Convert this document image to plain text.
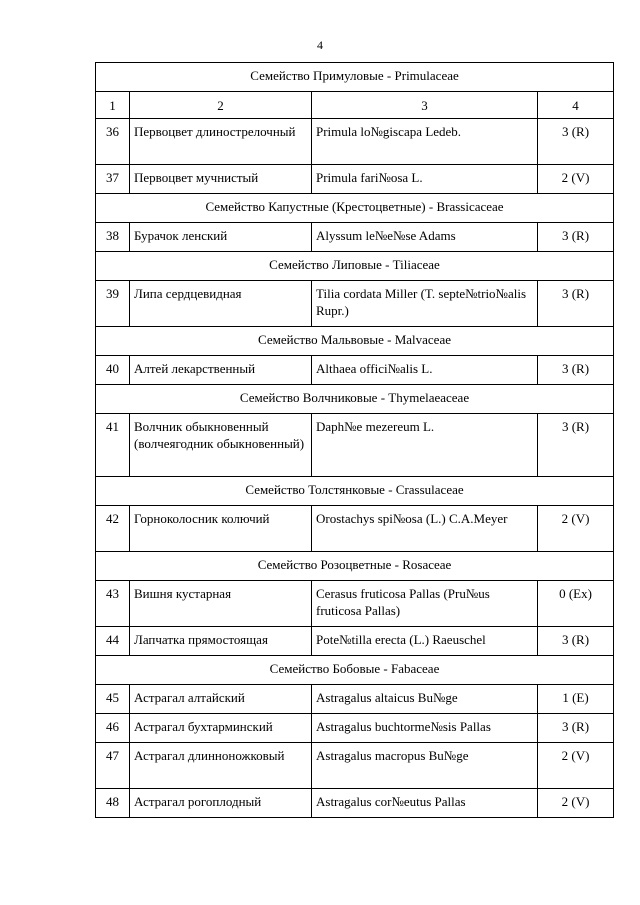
4
Семейство Примуловые - Primulaceae			
1	2	3	4
36	Первоцвет длинострелочный	Primula lo№gisсара Ledeb.	3 (R)
37	Первоцвет мучнистый	Primula fari№osa L.	2 (V)
Семейство Капустные (Крестоцветные) - Brassicaceae			
38	Бурачок ленский	Alyssum le№e№se Adams	3 (R)
Семейство Липовые - Tiliaceae			
39	Липа сердцевидная	Tilia cordata Miller (T. septe№trio№alis Rupr.)	3 (R)
Семейство Мальвовые - Malvaceae			
40	Алтей лекарственный	Althaea offici№alis L.	3 (R)
Семейство Волчниковые - Thymelaeaceae			
41	Волчник обыкновенный (волчеягодник обыкновенный)	Daph№e mezereum L.	3 (R)
Семейство Толстянковые - Crassulaceae			
42	Горноколосник колючий	Orostachys spi№osa (L.) C.A.Meyer	2 (V)
Семейство Розоцветные - Rosaceae			
43	Вишня кустарная	Cerasus fruticosa Pallas (Pru№us fruticosa Pallas)	0 (Ex)
44	Лапчатка прямостоящая	Pote№tilla erecta (L.) Raeuschel	3 (R)
Семейство Бобовые - Fabaceae			
45	Астрагал алтайский	Astragalus altaicus Bu№ge	1 (E)
46	Астрагал бухтарминский	Astragalus buchtorme№sis Pallas	3 (R)
47	Астрагал длинноножковый	Astragalus macropus Bu№ge	2 (V)
48	Астрагал рогоплодный	Astragalus cor№eutus Pallas	2 (V)
